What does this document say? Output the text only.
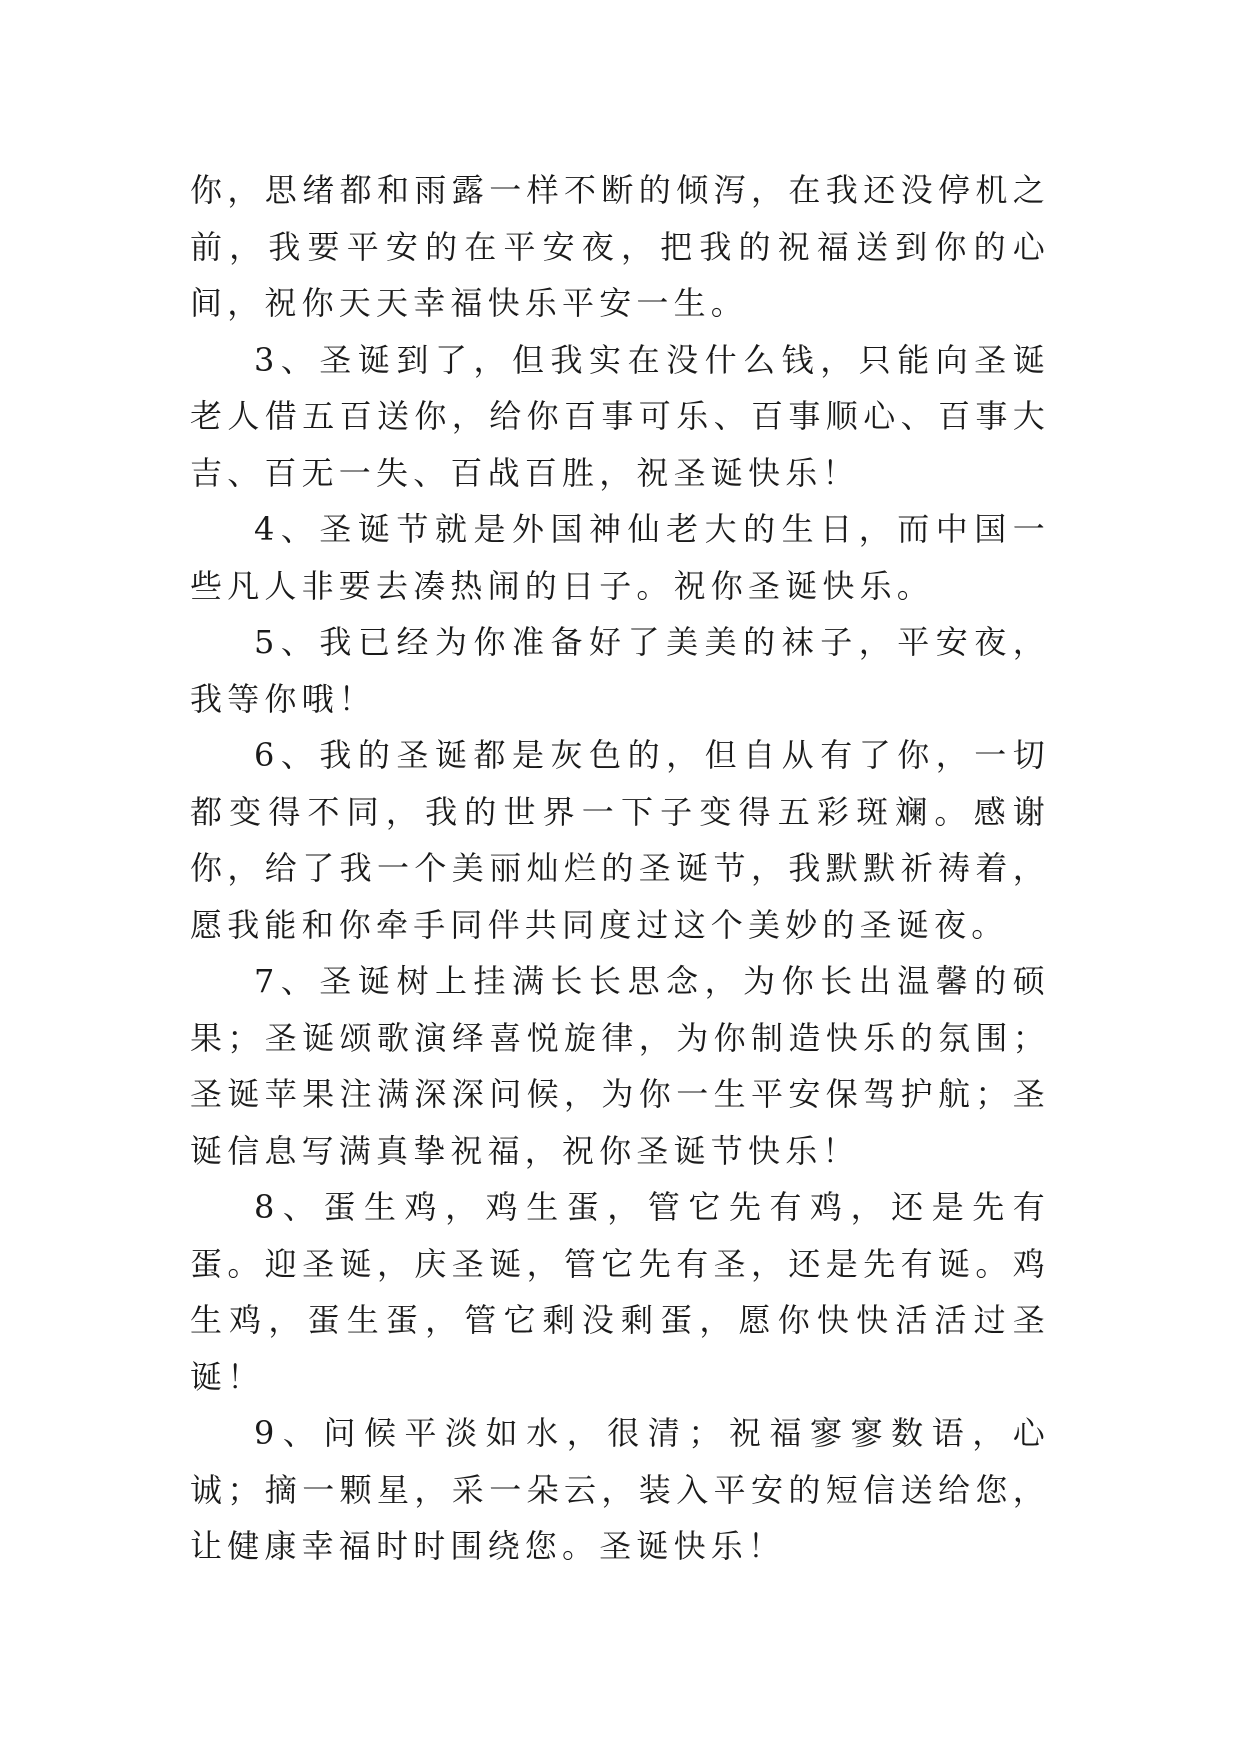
你，思绪都和雨露一样不断的倾泻，在我还没停机之前，我要平安的在平安夜，把我的祝福送到你的心间，祝你天天幸福快乐平安一生。

3、圣诞到了，但我实在没什么钱，只能向圣诞老人借五百送你，给你百事可乐、百事顺心、百事大吉、百无一失、百战百胜，祝圣诞快乐！

4、圣诞节就是外国神仙老大的生日，而中国一些凡人非要去凑热闹的日子。祝你圣诞快乐。

5、我已经为你准备好了美美的袜子，平安夜，我等你哦！

6、我的圣诞都是灰色的，但自从有了你，一切都变得不同，我的世界一下子变得五彩斑斓。感谢你，给了我一个美丽灿烂的圣诞节，我默默祈祷着，愿我能和你牵手同伴共同度过这个美妙的圣诞夜。

7、圣诞树上挂满长长思念，为你长出温馨的硕果；圣诞颂歌演绎喜悦旋律，为你制造快乐的氛围；圣诞苹果注满深深问候，为你一生平安保驾护航；圣诞信息写满真挚祝福，祝你圣诞节快乐！

8、蛋生鸡，鸡生蛋，管它先有鸡，还是先有蛋。迎圣诞，庆圣诞，管它先有圣，还是先有诞。鸡生鸡，蛋生蛋，管它剩没剩蛋，愿你快快活活过圣诞！

9、问候平淡如水，很清；祝福寥寥数语，心诚；摘一颗星，采一朵云，装入平安的短信送给您，让健康幸福时时围绕您。圣诞快乐！
